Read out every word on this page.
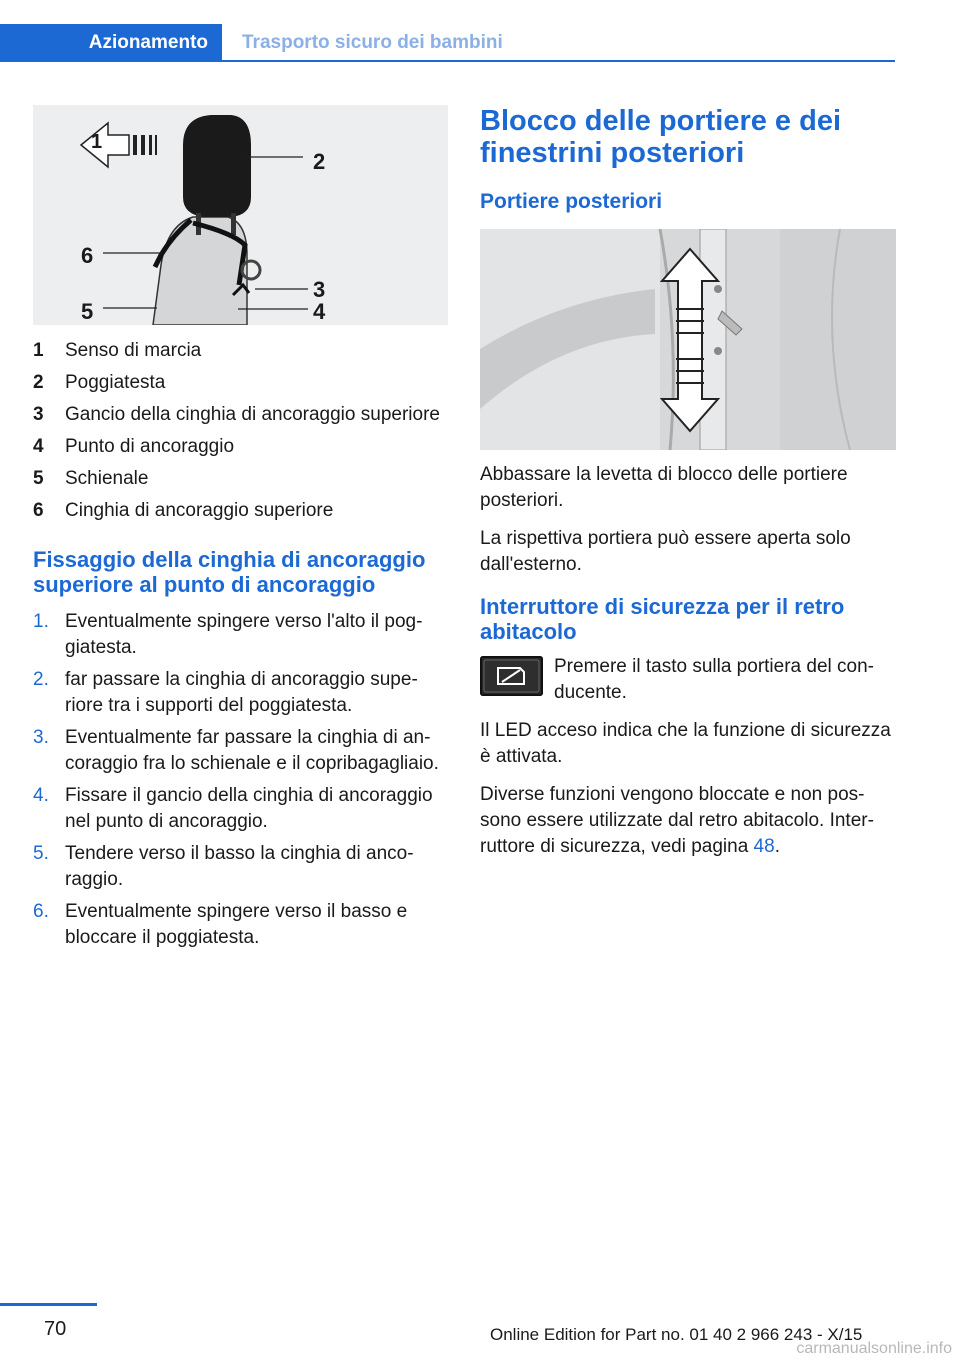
Azionamento	Trasporto sicuro dei bambini
1
2
3
4
5
6
1	Senso di marcia
2	Poggiatesta
3	Gancio della cinghia di ancoraggio superiore
4	Punto di ancoraggio
5	Schienale
6	Cinghia di ancoraggio superiore
Fissaggio della cinghia di ancoraggio superiore al punto di ancoraggio
1. Eventualmente spingere verso l'alto il poggiatesta.
2. far passare la cinghia di ancoraggio superiore tra i supporti del poggiatesta.
3. Eventualmente far passare la cinghia di ancoraggio fra lo schienale e il copribagagliaio.
4. Fissare il gancio della cinghia di ancoraggio nel punto di ancoraggio.
5. Tendere verso il basso la cinghia di ancoraggio.
6. Eventualmente spingere verso il basso e bloccare il poggiatesta.
Blocco delle portiere e dei finestrini posteriori
Portiere posteriori

Abbassare la levetta di blocco delle portiere posteriori.

La rispettiva portiera può essere aperta solo dall'esterno.

Interruttore di sicurezza per il retro abitacolo
Premere il tasto sulla portiera del conducente.

Il LED acceso indica che la funzione di sicurezza è attivata.

Diverse funzioni vengono bloccate e non possono essere utilizzate dal retro abitacolo. Interruttore di sicurezza, vedi pagina 48.

70	Online Edition for Part no. 01 40 2 966 243 - X/15
carmanualsonline.info
